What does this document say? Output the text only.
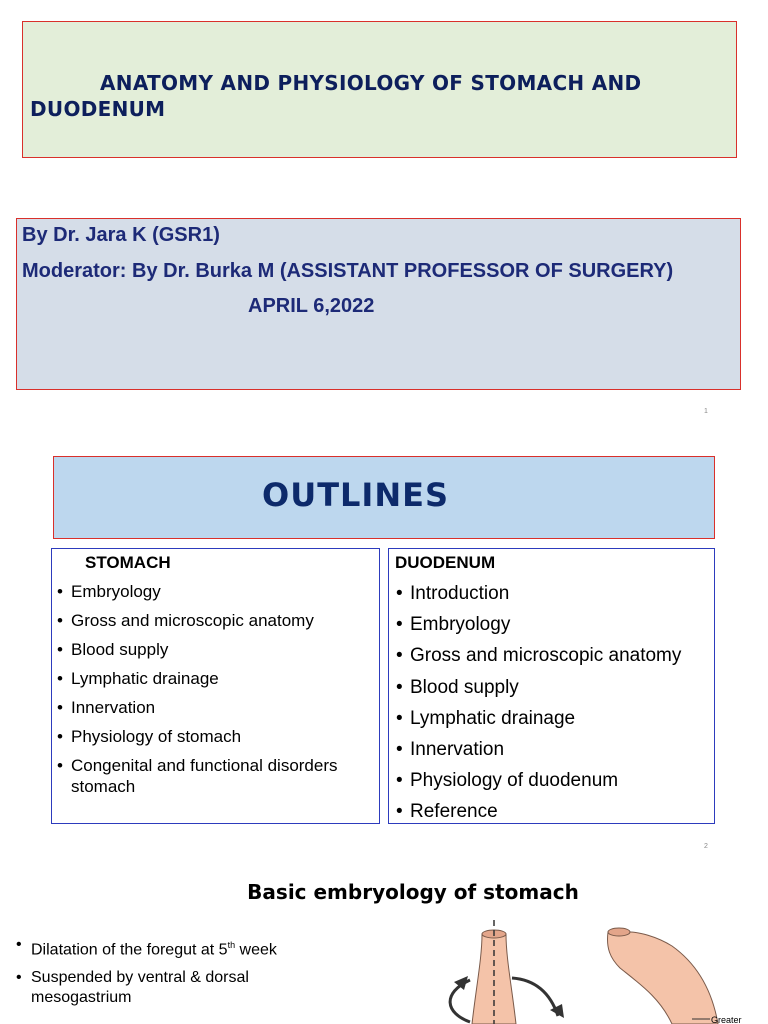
ANATOMY AND PHYSIOLOGY OF STOMACH AND
DUODENUM
By Dr. Jara K (GSR1)
Moderator: By Dr. Burka M (ASSISTANT PROFESSOR OF SURGERY)
APRIL 6,2022
1
OUTLINES
STOMACH
• Embryology
• Gross and microscopic anatomy
• Blood supply
• Lymphatic drainage
• Innervation
• Physiology of stomach
• Congenital and functional disorders stomach
DUODENUM
• Introduction
• Embryology
• Gross and microscopic anatomy
• Blood supply
• Lymphatic drainage
• Innervation
• Physiology of duodenum
• Reference
2
Basic embryology of stomach
• Dilatation of the foregut at 5th week
• Suspended by ventral & dorsal mesogastrium
Greater
